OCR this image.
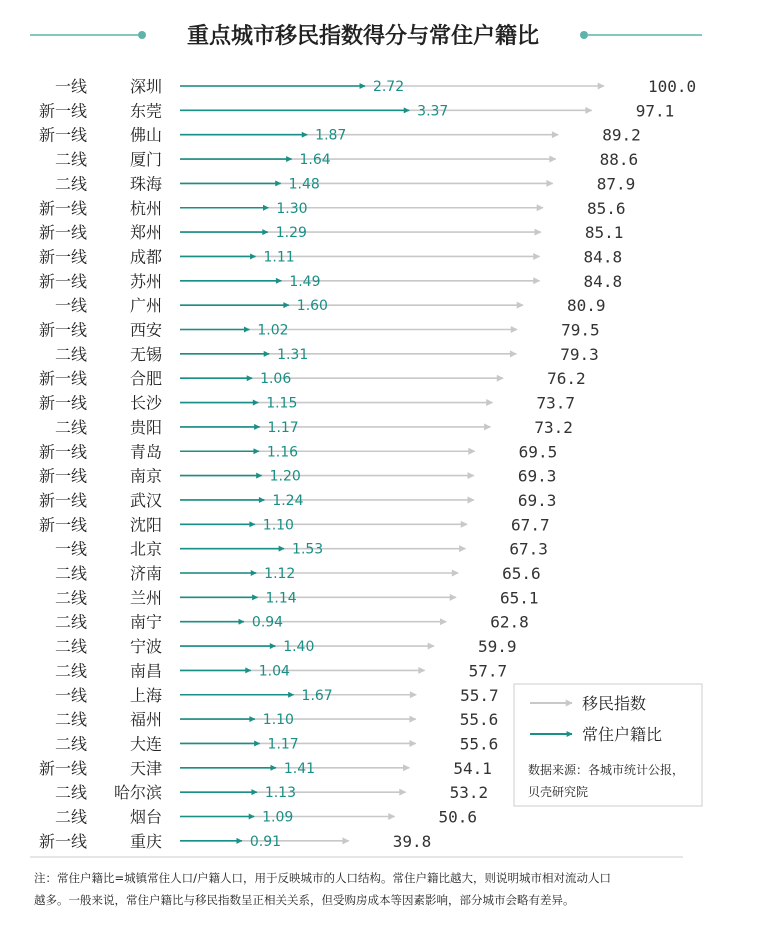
重点城市移民指数得分与常住户籍比
一线	深圳	2.72	100.0
新一线	东莞	3.37	97.1
新一线	佛山	1.87	89.2
二线	厦门	1.64	88.6
二线	珠海	1.48	87.9
新一线	杭州	1.30	85.6
新一线	郑州	1.29	85.1
新一线	成都	1.11	84.8
新一线	苏州	1.49	84.8
一线	广州	1.60	80.9
新一线	西安	1.02	79.5
二线	无锡	1.31	79.3
新一线	合肥	1.06	76.2
新一线	长沙	1.15	73.7
二线	贵阳	1.17	73.2
新一线	青岛	1.16	69.5
新一线	南京	1.20	69.3
新一线	武汉	1.24	69.3
新一线	沈阳	1.10	67.7
一线	北京	1.53	67.3
二线	济南	1.12	65.6
二线	兰州	1.14	65.1
二线	南宁	0.94	62.8
二线	宁波	1.40	59.9
二线	南昌	1.04	57.7
一线	上海	1.67	55.7
二线	福州	1.10	55.6
二线	大连	1.17	55.6
新一线	天津	1.41	54.1
二线 哈尔滨	1.13	53.2
二线	烟台	1.09	50.6
新一线	重庆	0.91	39.8
移民指数
常住户籍比
数据来源：各城市统计公报，
贝壳研究院
注：常住户籍比=城镇常住人口/户籍人口，用于反映城市的人口结构。常住户籍比越大，则说明城市相对流动人口
越多。一般来说，常住户籍比与移民指数呈正相关关系，但受购房成本等因素影响，部分城市会略有差异。
